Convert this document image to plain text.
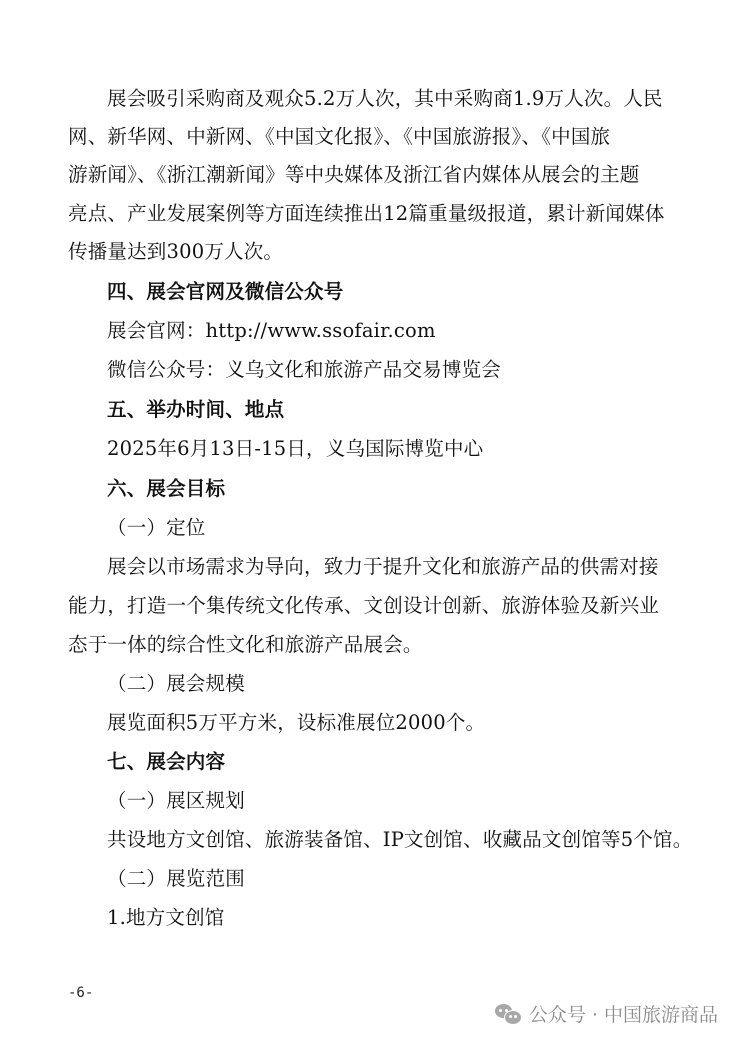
展会吸引采购商及观众5.2万人次，其中采购商1.9万人次。人民
网、新华网、中新网、《中国文化报》、《中国旅游报》、《中国旅
游新闻》、《浙江潮新闻》等中央媒体及浙江省内媒体从展会的主题
亮点、产业发展案例等方面连续推出12篇重量级报道，累计新闻媒体
传播量达到300万人次。
四、展会官网及微信公众号
展会官网：http://www.ssofair.com
微信公众号：义乌文化和旅游产品交易博览会
五、举办时间、地点
2025年6月13日-15日，义乌国际博览中心
六、展会目标
（一）定位
展会以市场需求为导向，致力于提升文化和旅游产品的供需对接
能力，打造一个集传统文化传承、文创设计创新、旅游体验及新兴业
态于一体的综合性文化和旅游产品展会。
（二）展会规模
展览面积5万平方米，设标准展位2000个。
七、展会内容
（一）展区规划
共设地方文创馆、旅游装备馆、IP文创馆、收藏品文创馆等5个馆。
（二）展览范围
1.地方文创馆
-6-
公众号 · 中国旅游商品
